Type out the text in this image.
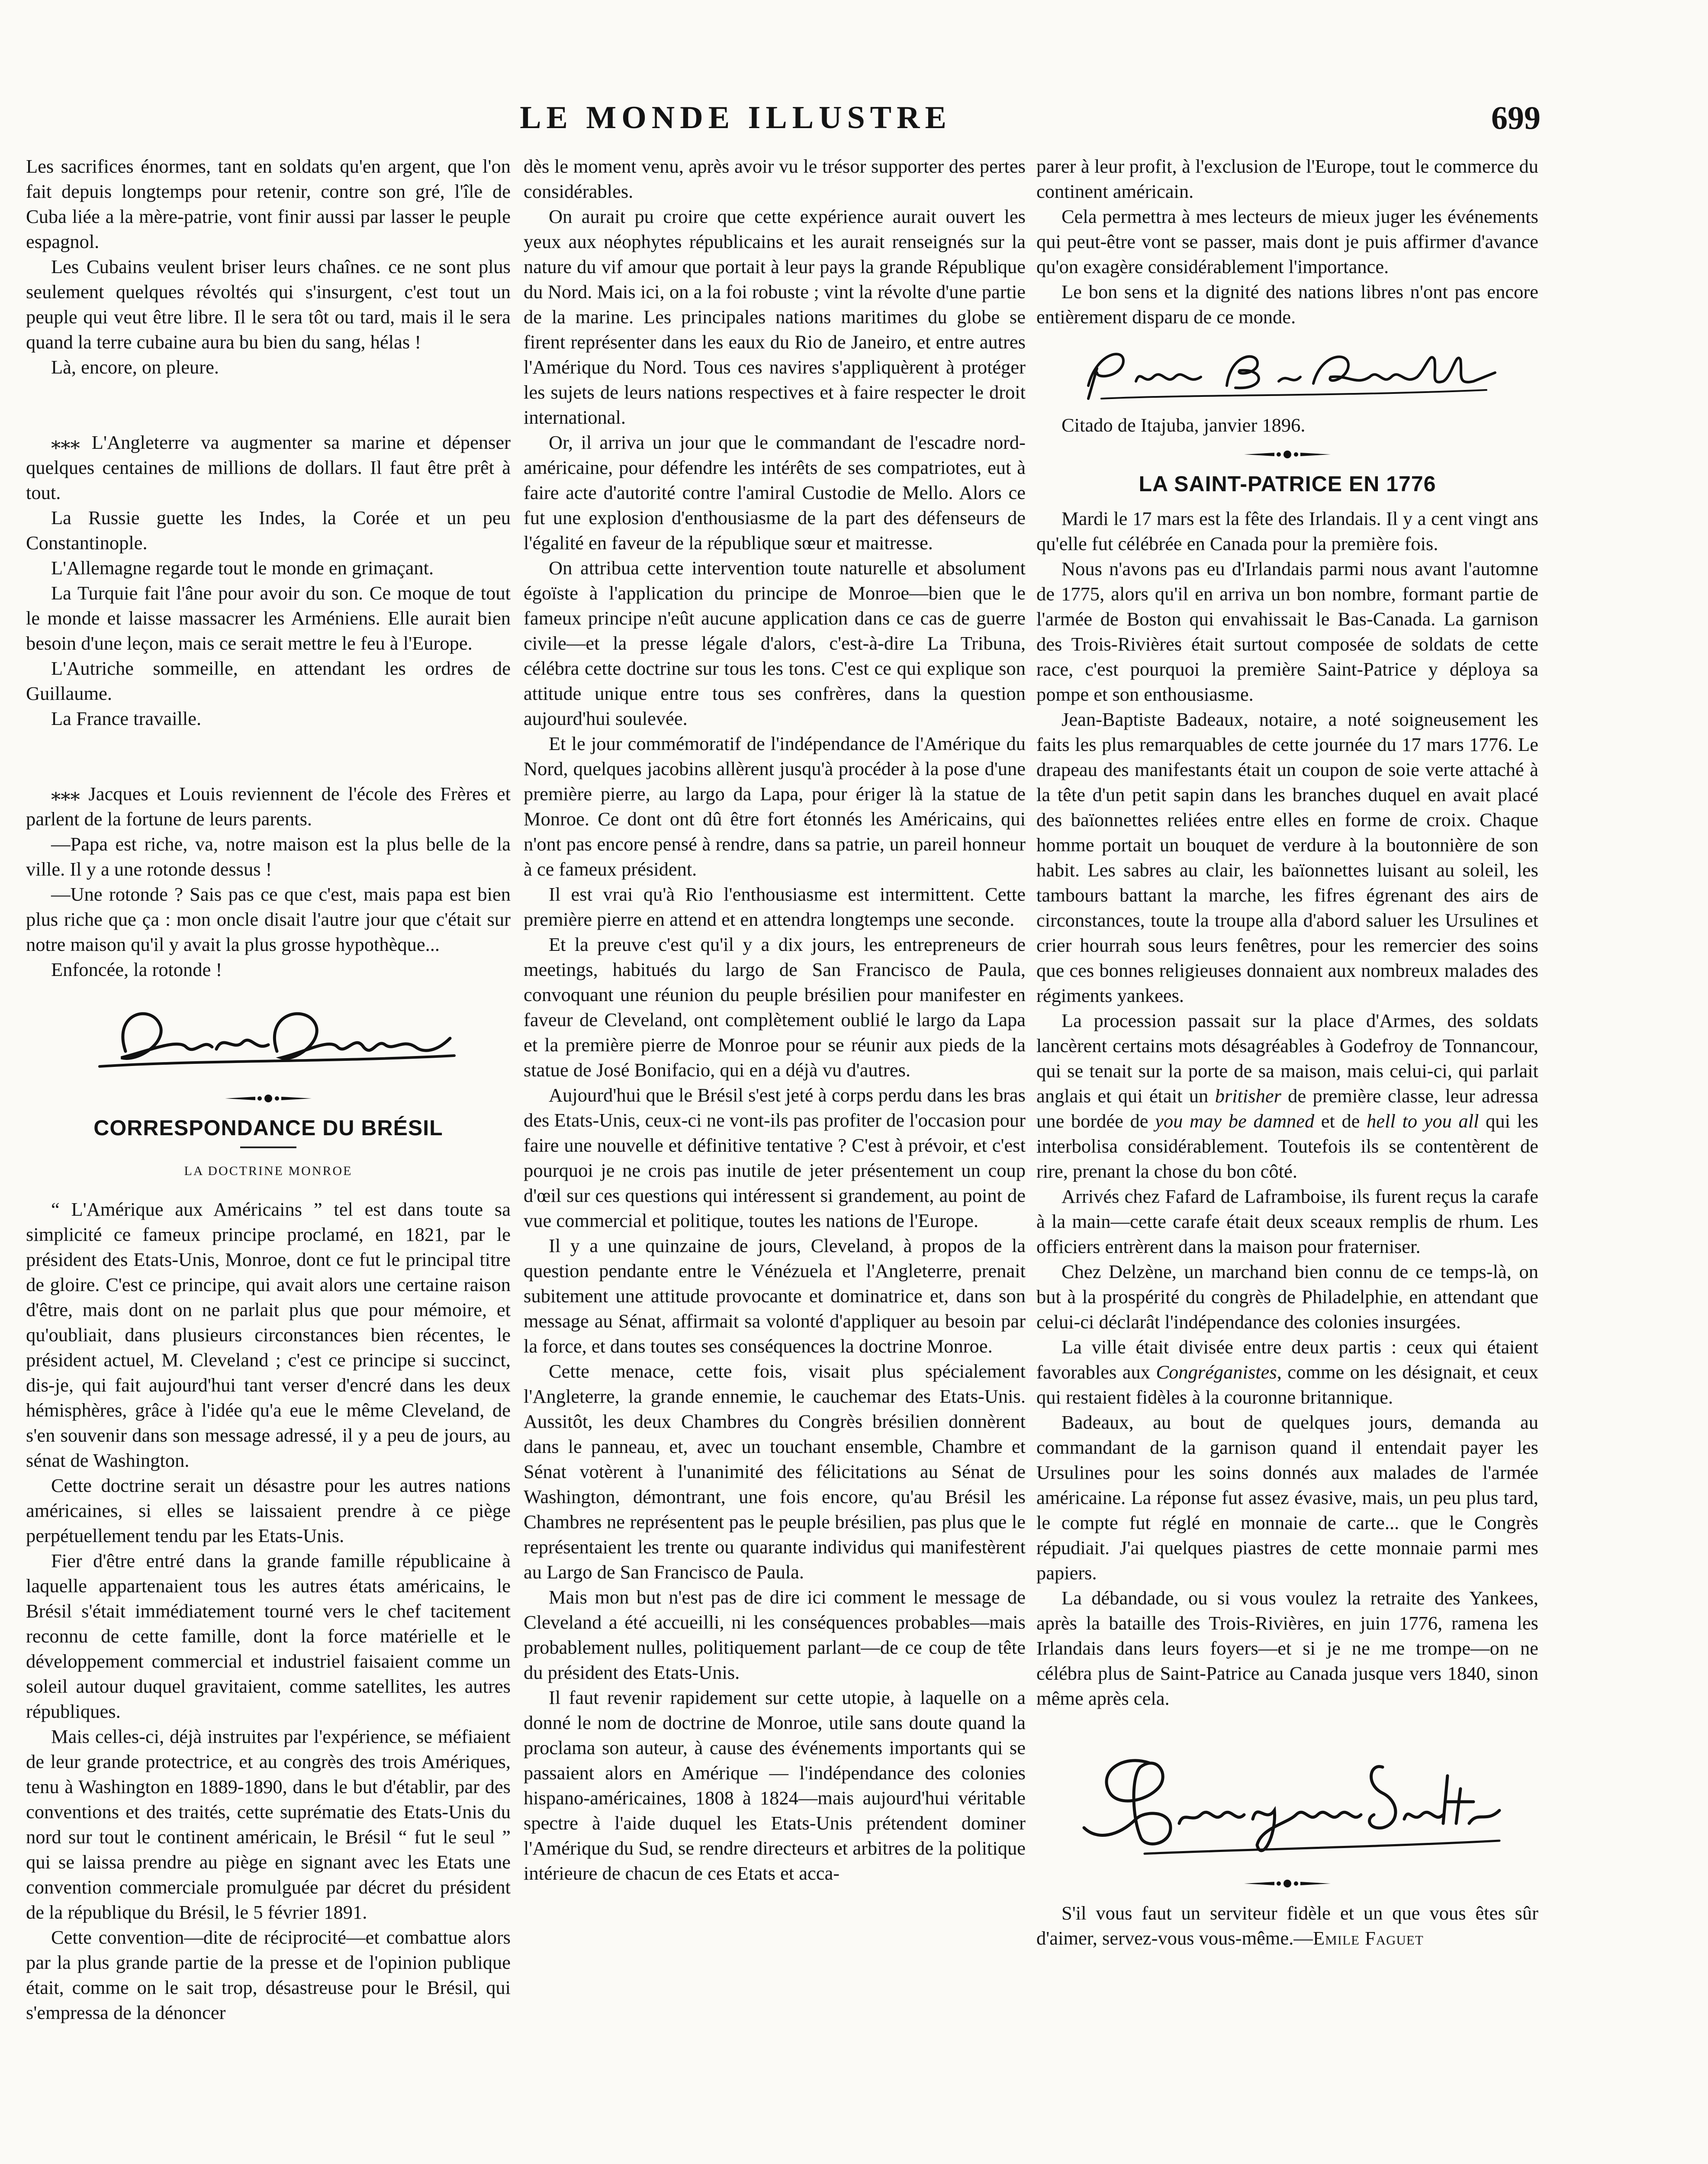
LE MONDE ILLUSTRE	699

Les sacrifices énormes, tant en soldats qu'en argent, que l'on fait depuis longtemps pour retenir, contre son gré, l'île de Cuba liée a la mère-patrie, vont finir aussi par lasser le peuple espagnol.

Les Cubains veulent briser leurs chaînes. ce ne sont plus seulement quelques révoltés qui s'insurgent, c'est tout un peuple qui veut être libre. Il le sera tôt ou tard, mais il le sera quand la terre cubaine aura bu bien du sang, hélas !

Là, encore, on pleure.

⁎⁎⁎ L'Angleterre va augmenter sa marine et dépenser quelques centaines de millions de dollars. Il faut être prêt à tout.

La Russie guette les Indes, la Corée et un peu Constantinople.

L'Allemagne regarde tout le monde en grimaçant.

La Turquie fait l'âne pour avoir du son. Ce moque de tout le monde et laisse massacrer les Arméniens. Elle aurait bien besoin d'une leçon, mais ce serait mettre le feu à l'Europe.

L'Autriche sommeille, en attendant les ordres de Guillaume.

La France travaille.

⁎⁎⁎ Jacques et Louis reviennent de l'école des Frères et parlent de la fortune de leurs parents.

—Papa est riche, va, notre maison est la plus belle de la ville. Il y a une rotonde dessus !

—Une rotonde ? Sais pas ce que c'est, mais papa est bien plus riche que ça : mon oncle disait l'autre jour que c'était sur notre maison qu'il y avait la plus grosse hypothèque...

Enfoncée, la rotonde !

CORRESPONDANCE DU BRÉSIL
LA DOCTRINE MONROE

“ L'Amérique aux Américains ” tel est dans toute sa simplicité ce fameux principe proclamé, en 1821, par le président des Etats-Unis, Monroe, dont ce fut le principal titre de gloire. C'est ce principe, qui avait alors une certaine raison d'être, mais dont on ne parlait plus que pour mémoire, et qu'oubliait, dans plusieurs circonstances bien récentes, le président actuel, M. Cleveland ; c'est ce principe si succinct, dis-je, qui fait aujourd'hui tant verser d'encré dans les deux hémisphères, grâce à l'idée qu'a eue le même Cleveland, de s'en souvenir dans son message adressé, il y a peu de jours, au sénat de Washington.

Cette doctrine serait un désastre pour les autres nations américaines, si elles se laissaient prendre à ce piège perpétuellement tendu par les Etats-Unis.

Fier d'être entré dans la grande famille républicaine à laquelle appartenaient tous les autres états américains, le Brésil s'était immédiatement tourné vers le chef tacitement reconnu de cette famille, dont la force matérielle et le développement commercial et industriel faisaient comme un soleil autour duquel gravitaient, comme satellites, les autres républiques.

Mais celles-ci, déjà instruites par l'expérience, se méfiaient de leur grande protectrice, et au congrès des trois Amériques, tenu à Washington en 1889-1890, dans le but d'établir, par des conventions et des traités, cette suprématie des Etats-Unis du nord sur tout le continent américain, le Brésil “ fut le seul ” qui se laissa prendre au piège en signant avec les Etats une convention commerciale promulguée par décret du président de la république du Brésil, le 5 février 1891.

Cette convention—dite de réciprocité—et combattue alors par la plus grande partie de la presse et de l'opinion publique était, comme on le sait trop, désastreuse pour le Brésil, qui s'empressa de la dénoncer

dès le moment venu, après avoir vu le trésor supporter des pertes considérables.

On aurait pu croire que cette expérience aurait ouvert les yeux aux néophytes républicains et les aurait renseignés sur la nature du vif amour que portait à leur pays la grande République du Nord. Mais ici, on a la foi robuste ; vint la révolte d'une partie de la marine. Les principales nations maritimes du globe se firent représenter dans les eaux du Rio de Janeiro, et entre autres l'Amérique du Nord. Tous ces navires s'appliquèrent à protéger les sujets de leurs nations respectives et à faire respecter le droit international.

Or, il arriva un jour que le commandant de l'escadre nord-américaine, pour défendre les intérêts de ses compatriotes, eut à faire acte d'autorité contre l'amiral Custodie de Mello. Alors ce fut une explosion d'enthousiasme de la part des défenseurs de l'égalité en faveur de la république sœur et maitresse.

On attribua cette intervention toute naturelle et absolument égoïste à l'application du principe de Monroe—bien que le fameux principe n'eût aucune application dans ce cas de guerre civile—et la presse légale d'alors, c'est-à-dire La Tribuna, célébra cette doctrine sur tous les tons. C'est ce qui explique son attitude unique entre tous ses confrères, dans la question aujourd'hui soulevée.

Et le jour commémoratif de l'indépendance de l'Amérique du Nord, quelques jacobins allèrent jusqu'à procéder à la pose d'une première pierre, au largo da Lapa, pour ériger là la statue de Monroe. Ce dont ont dû être fort étonnés les Américains, qui n'ont pas encore pensé à rendre, dans sa patrie, un pareil honneur à ce fameux président.

Il est vrai qu'à Rio l'enthousiasme est intermittent. Cette première pierre en attend et en attendra longtemps une seconde.

Et la preuve c'est qu'il y a dix jours, les entrepreneurs de meetings, habitués du largo de San Francisco de Paula, convoquant une réunion du peuple brésilien pour manifester en faveur de Cleveland, ont complètement oublié le largo da Lapa et la première pierre de Monroe pour se réunir aux pieds de la statue de José Bonifacio, qui en a déjà vu d'autres.

Aujourd'hui que le Brésil s'est jeté à corps perdu dans les bras des Etats-Unis, ceux-ci ne vont-ils pas profiter de l'occasion pour faire une nouvelle et définitive tentative ? C'est à prévoir, et c'est pourquoi je ne crois pas inutile de jeter présentement un coup d'œil sur ces questions qui intéressent si grandement, au point de vue commercial et politique, toutes les nations de l'Europe.

Il y a une quinzaine de jours, Cleveland, à propos de la question pendante entre le Vénézuela et l'Angleterre, prenait subitement une attitude provocante et dominatrice et, dans son message au Sénat, affirmait sa volonté d'appliquer au besoin par la force, et dans toutes ses conséquences la doctrine Monroe.

Cette menace, cette fois, visait plus spécialement l'Angleterre, la grande ennemie, le cauchemar des Etats-Unis. Aussitôt, les deux Chambres du Congrès brésilien donnèrent dans le panneau, et, avec un touchant ensemble, Chambre et Sénat votèrent à l'unanimité des félicitations au Sénat de Washington, démontrant, une fois encore, qu'au Brésil les Chambres ne représentent pas le peuple brésilien, pas plus que le représentaient les trente ou quarante individus qui manifestèrent au Largo de San Francisco de Paula.

Mais mon but n'est pas de dire ici comment le message de Cleveland a été accueilli, ni les conséquences probables—mais probablement nulles, politiquement parlant—de ce coup de tête du président des Etats-Unis.

Il faut revenir rapidement sur cette utopie, à laquelle on a donné le nom de doctrine de Monroe, utile sans doute quand la proclama son auteur, à cause des événements importants qui se passaient alors en Amérique — l'indépendance des colonies hispano-américaines, 1808 à 1824—mais aujourd'hui véritable spectre à l'aide duquel les Etats-Unis prétendent dominer l'Amérique du Sud, se rendre directeurs et arbitres de la politique intérieure de chacun de ces Etats et acca-

parer à leur profit, à l'exclusion de l'Europe, tout le commerce du continent américain.

Cela permettra à mes lecteurs de mieux juger les événements qui peut-être vont se passer, mais dont je puis affirmer d'avance qu'on exagère considérablement l'importance.

Le bon sens et la dignité des nations libres n'ont pas encore entièrement disparu de ce monde.

Citado de Itajuba, janvier 1896.

LA SAINT-PATRICE EN 1776

Mardi le 17 mars est la fête des Irlandais. Il y a cent vingt ans qu'elle fut célébrée en Canada pour la première fois.

Nous n'avons pas eu d'Irlandais parmi nous avant l'automne de 1775, alors qu'il en arriva un bon nombre, formant partie de l'armée de Boston qui envahissait le Bas-Canada. La garnison des Trois-Rivières était surtout composée de soldats de cette race, c'est pourquoi la première Saint-Patrice y déploya sa pompe et son enthousiasme.

Jean-Baptiste Badeaux, notaire, a noté soigneusement les faits les plus remarquables de cette journée du 17 mars 1776. Le drapeau des manifestants était un coupon de soie verte attaché à la tête d'un petit sapin dans les branches duquel en avait placé des baïonnettes reliées entre elles en forme de croix. Chaque homme portait un bouquet de verdure à la boutonnière de son habit. Les sabres au clair, les baïonnettes luisant au soleil, les tambours battant la marche, les fifres égrenant des airs de circonstances, toute la troupe alla d'abord saluer les Ursulines et crier hourrah sous leurs fenêtres, pour les remercier des soins que ces bonnes religieuses donnaient aux nombreux malades des régiments yankees.

La procession passait sur la place d'Armes, des soldats lancèrent certains mots désagréables à Godefroy de Tonnancour, qui se tenait sur la porte de sa maison, mais celui-ci, qui parlait anglais et qui était un britisher de première classe, leur adressa une bordée de you may be damned et de hell to you all qui les interbolisa considérablement. Toutefois ils se contentèrent de rire, prenant la chose du bon côté.

Arrivés chez Fafard de Laframboise, ils furent reçus la carafe à la main—cette carafe était deux sceaux remplis de rhum. Les officiers entrèrent dans la maison pour fraterniser.

Chez Delzène, un marchand bien connu de ce temps-là, on but à la prospérité du congrès de Philadelphie, en attendant que celui-ci déclarât l'indépendance des colonies insurgées.

La ville était divisée entre deux partis : ceux qui étaient favorables aux Congréganistes, comme on les désignait, et ceux qui restaient fidèles à la couronne britannique.

Badeaux, au bout de quelques jours, demanda au commandant de la garnison quand il entendait payer les Ursulines pour les soins donnés aux malades de l'armée américaine. La réponse fut assez évasive, mais, un peu plus tard, le compte fut réglé en monnaie de carte... que le Congrès répudiait. J'ai quelques piastres de cette monnaie parmi mes papiers.

La débandade, ou si vous voulez la retraite des Yankees, après la bataille des Trois-Rivières, en juin 1776, ramena les Irlandais dans leurs foyers—et si je ne me trompe—on ne célébra plus de Saint-Patrice au Canada jusque vers 1840, sinon même après cela.

S'il vous faut un serviteur fidèle et un que vous êtes sûr d'aimer, servez-vous vous-même.—Emile Faguet
